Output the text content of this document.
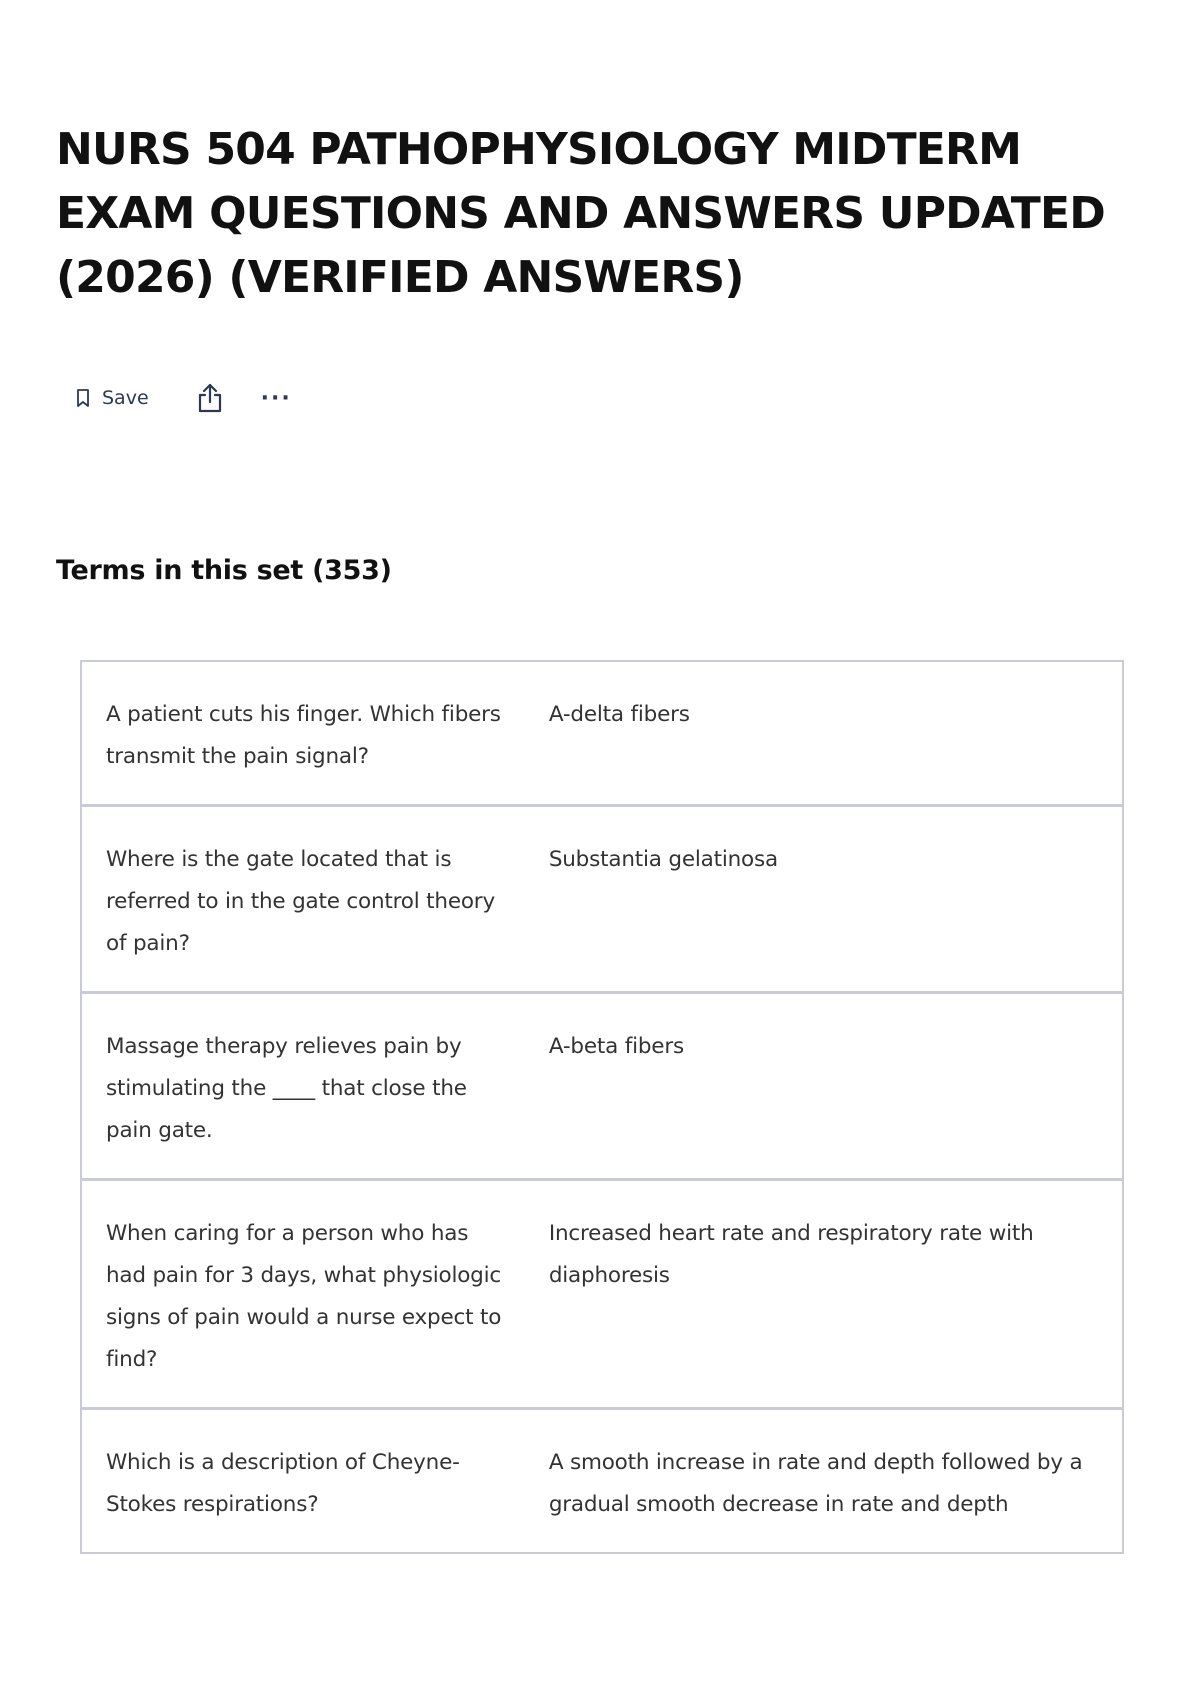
NURS 504 PATHOPHYSIOLOGY MIDTERM EXAM QUESTIONS AND ANSWERS UPDATED (2026) (VERIFIED ANSWERS)
Save	···
Terms in this set (353)
A patient cuts his finger. Which fibers transmit the pain signal?
A-delta fibers
Where is the gate located that is referred to in the gate control theory of pain?
Substantia gelatinosa
Massage therapy relieves pain by stimulating the ____ that close the pain gate.
A-beta fibers
When caring for a person who has had pain for 3 days, what physiologic signs of pain would a nurse expect to find?
Increased heart rate and respiratory rate with diaphoresis
Which is a description of Cheyne-Stokes respirations?
A smooth increase in rate and depth followed by a gradual smooth decrease in rate and depth
